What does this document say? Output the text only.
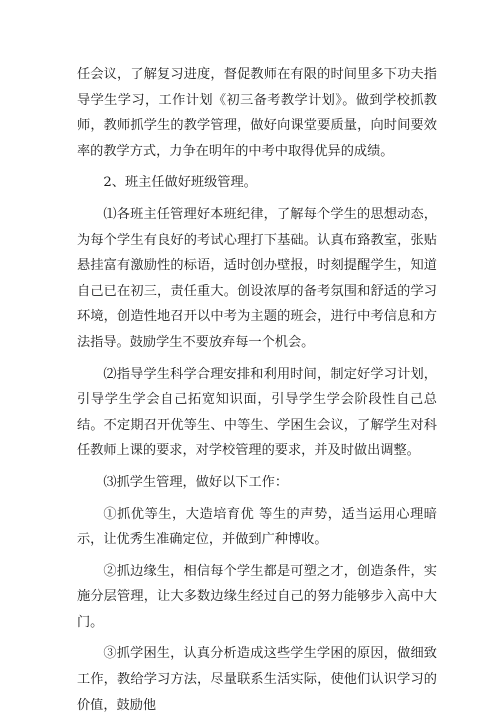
任会议，了解复习进度，督促教师在有限的时间里多下功夫指导学生学习，工作计划《初三备考教学计划》。做到学校抓教师，教师抓学生的教学管理，做好向课堂要质量，向时间要效率的教学方式，力争在明年的中考中取得优异的成绩。

2、班主任做好班级管理。

⑴各班主任管理好本班纪律，了解每个学生的思想动态，为每个学生有良好的考试心理打下基础。认真布臵教室，张贴悬挂富有激励性的标语，适时创办壁报，时刻提醒学生，知道自己已在初三，责任重大。创设浓厚的备考氛围和舒适的学习环境，创造性地召开以中考为主题的班会，进行中考信息和方法指导。鼓励学生不要放弃每一个机会。

⑵指导学生科学合理安排和利用时间，制定好学习计划，引导学生学会自己拓宽知识面，引导学生学会阶段性自己总结。不定期召开优等生、中等生、学困生会议，了解学生对科任教师上课的要求，对学校管理的要求，并及时做出调整。

⑶抓学生管理，做好以下工作：

①抓优等生，大造培育优 等生的声势，适当运用心理暗示，让优秀生准确定位，并做到广种博收。

②抓边缘生，相信每个学生都是可塑之才，创造条件，实施分层管理，让大多数边缘生经过自己的努力能够步入高中大门。

③抓学困生，认真分析造成这些学生学困的原因，做细致工作，教给学习方法，尽量联系生活实际，使他们认识学习的价值，鼓励他
